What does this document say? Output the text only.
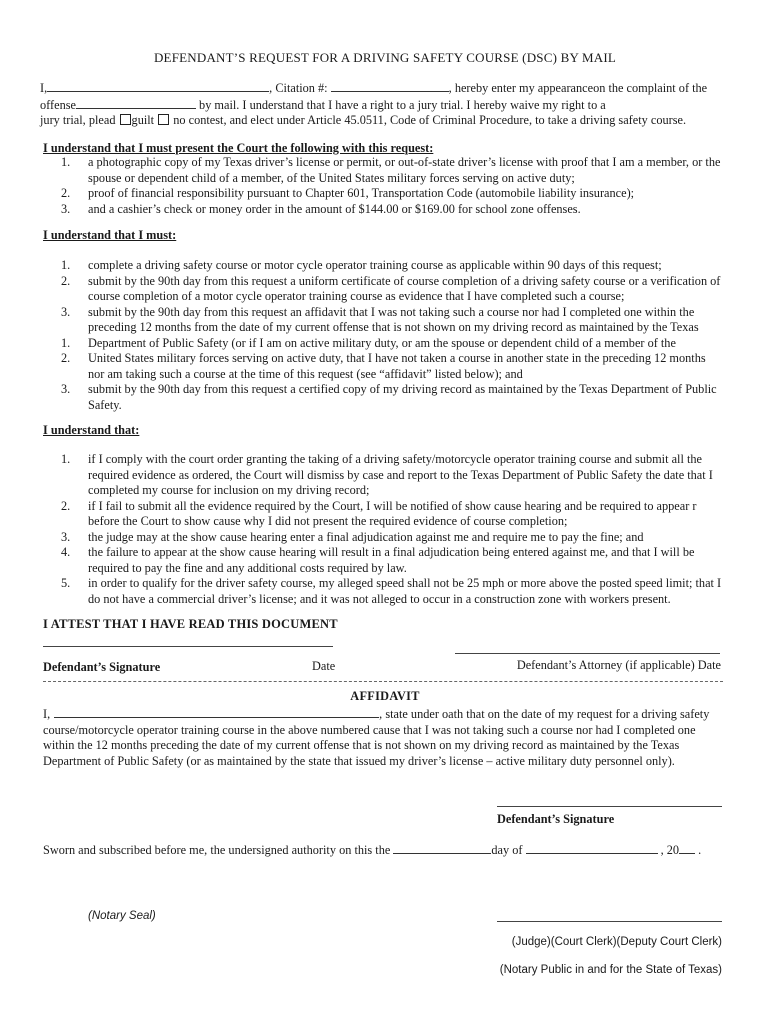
DEFENDANT’S REQUEST FOR A DRIVING SAFETY COURSE (DSC) BY MAIL
I,	, Citation #:	, hereby enter my appearanceon the complaint of the
offense	by mail. I understand that I have a right to a jury trial. I hereby waive my right to a
jury trial, plead guilt no contest, and elect under Article 45.0511, Code of Criminal Procedure, to take a driving safety course.
I understand that I must present the Court the following with this request:
1.	a photographic copy of my Texas driver’s license or permit, or out-of-state driver’s license with proof that I am a member, or the spouse or dependent child of a member, of the United States military forces serving on active duty;
2.	proof of financial responsibility pursuant to Chapter 601, Transportation Code (automobile liability insurance);
3.	and a cashier’s check or money order in the amount of $144.00 or $169.00 for school zone offenses.
I understand that I must:
1.	complete a driving safety course or motor cycle operator training course as applicable within 90 days of this request;
2.	submit by the 90th day from this request a uniform certificate of course completion of a driving safety course or a verification of course completion of a motor cycle operator training course as evidence that I have completed such a course;
3.	submit by the 90th day from this request an affidavit that I was not taking such a course nor had I completed one within the preceding 12 months from the date of my current offense that is not shown on my driving record as maintained by the Texas
1.	Department of Public Safety (or if I am on active military duty, or am the spouse or dependent child of a member of the
2.	United States military forces serving on active duty, that I have not taken a course in another state in the preceding 12 months nor am taking such a course at the time of this request (see “affidavit” listed below); and
3.	submit by the 90th day from this request a certified copy of my driving record as maintained by the Texas Department of Public Safety.
I understand that:
1.	if I comply with the court order granting the taking of a driving safety/motorcycle operator training course and submit all the required evidence as ordered, the Court will dismiss by case and report to the Texas Department of Public Safety the date that I completed my course for inclusion on my driving record;
2.	if I fail to submit all the evidence required by the Court, I will be notified of show cause hearing and be required to appear r before the Court to show cause why I did not present the required evidence of course completion;
3.	the judge may at the show cause hearing enter a final adjudication against me and require me to pay the fine; and
4.	the failure to appear at the show cause hearing will result in a final adjudication being entered against me, and that I will be required to pay the fine and any additional costs required by law.
5.	in order to qualify for the driver safety course, my alleged speed shall not be 25 mph or more above the posted speed limit; that I do not have a commercial driver’s license; and it was not alleged to occur in a construction zone with workers present.
I ATTEST THAT I HAVE READ THIS DOCUMENT
Defendant’s Signature	Date	Defendant’s Attorney (if applicable) Date
AFFIDAVIT
I,	, state under oath that on the date of my request for a driving safety
course/motorcycle operator training course in the above numbered cause that I was not taking such a course nor had I completed one within the 12 months preceding the date of my current offense that is not shown on my driving record as maintained by the Texas Department of Public Safety (or as maintained by the state that issued my driver’s license – active military duty personnel only).
Defendant’s Signature
Sworn and subscribed before me, the undersigned authority on this the	day of	, 20 .
(Notary Seal)
(Judge)(Court Clerk)(Deputy Court Clerk)
(Notary Public in and for the State of Texas)
